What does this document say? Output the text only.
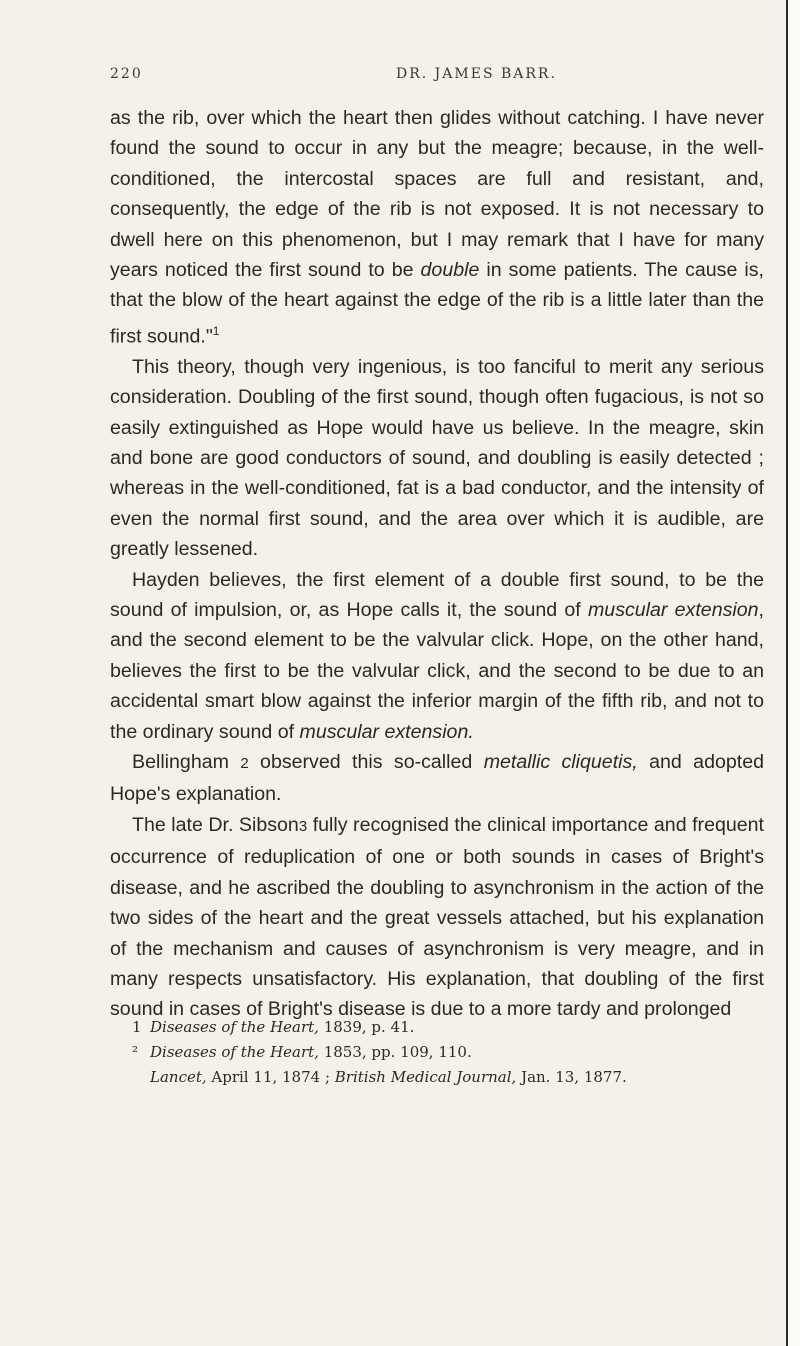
220	DR. JAMES BARR.

as the rib, over which the heart then glides without catching. I have never found the sound to occur in any but the meagre; because, in the well-conditioned, the intercostal spaces are full and resistant, and, consequently, the edge of the rib is not exposed. It is not necessary to dwell here on this phenomenon, but I may remark that I have for many years noticed the first sound to be double in some patients. The cause is, that the blow of the heart against the edge of the rib is a little later than the first sound."$^1$

This theory, though very ingenious, is too fanciful to merit any serious consideration. Doubling of the first sound, though often fugacious, is not so easily extinguished as Hope would have us believe. In the meagre, skin and bone are good conductors of sound, and doubling is easily detected ; whereas in the well-conditioned, fat is a bad conductor, and the intensity of even the normal first sound, and the area over which it is audible, are greatly lessened.

Hayden believes, the first element of a double first sound, to be the sound of impulsion, or, as Hope calls it, the sound of muscular extension, and the second element to be the valvular click. Hope, on the other hand, believes the first to be the valvular click, and the second to be due to an accidental smart blow against the inferior margin of the fifth rib, and not to the ordinary sound of muscular extension.

Bellingham 2 observed this so-called metallic cliquetis, and adopted Hope's explanation.

The late Dr. Sibson3 fully recognised the clinical importance and frequent occurrence of reduplication of one or both sounds in cases of Bright's disease, and he ascribed the doubling to asynchronism in the action of the two sides of the heart and the great vessels attached, but his explanation of the mechanism and causes of asynchronism is very meagre, and in many respects unsatisfactory. His explanation, that doubling of the first sound in cases of Bright's disease is due to a more tardy and prolonged

1 Diseases of the Heart, 1839, p. 41.
² Diseases of the Heart, 1853, pp. 109, 110.
Lancet, April 11, 1874 ; British Medical Journal, Jan. 13, 1877.
